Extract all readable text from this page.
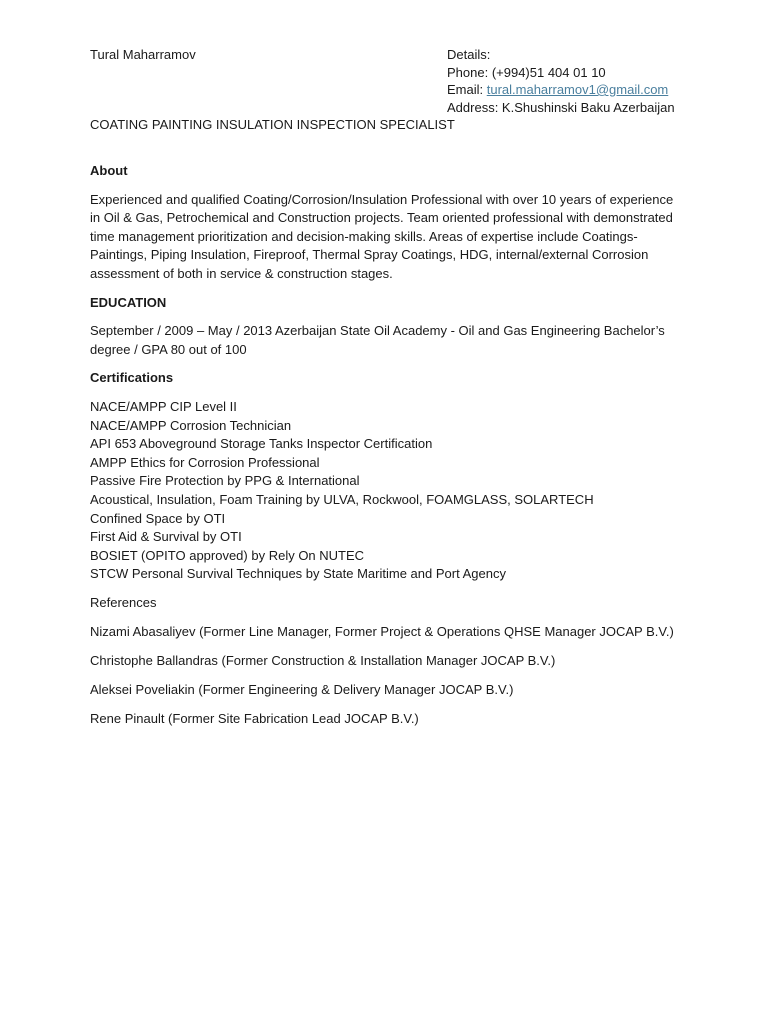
Tural Maharramov	Details:
Phone: (+994)51 404 01 10
Email: tural.maharramov1@gmail.com
Address: K.Shushinski Baku Azerbaijan
COATING PAINTING INSULATION INSPECTION SPECIALIST
About
Experienced and qualified Coating/Corrosion/Insulation Professional with over 10 years of experience in Oil & Gas, Petrochemical and Construction projects. Team oriented professional with demonstrated time management prioritization and decision-making skills. Areas of expertise include Coatings-Paintings, Piping Insulation, Fireproof, Thermal Spray Coatings, HDG, internal/external Corrosion assessment of both in service & construction stages.
EDUCATION
September / 2009 – May / 2013 Azerbaijan State Oil Academy - Oil and Gas Engineering Bachelor’s degree / GPA 80 out of 100
Certifications
NACE/AMPP CIP Level II
NACE/AMPP Corrosion Technician
API 653 Aboveground Storage Tanks Inspector Certification
AMPP Ethics for Corrosion Professional
Passive Fire Protection by PPG & International
Acoustical, Insulation, Foam Training by ULVA, Rockwool, FOAMGLASS, SOLARTECH
Confined Space by OTI
First Aid & Survival by OTI
BOSIET (OPITO approved) by Rely On NUTEC
STCW Personal Survival Techniques by State Maritime and Port Agency
References
Nizami Abasaliyev (Former Line Manager, Former Project & Operations QHSE Manager JOCAP B.V.)
Christophe Ballandras (Former Construction & Installation Manager JOCAP B.V.)
Aleksei Poveliakin (Former Engineering & Delivery Manager JOCAP B.V.)
Rene Pinault (Former Site Fabrication Lead JOCAP B.V.)
